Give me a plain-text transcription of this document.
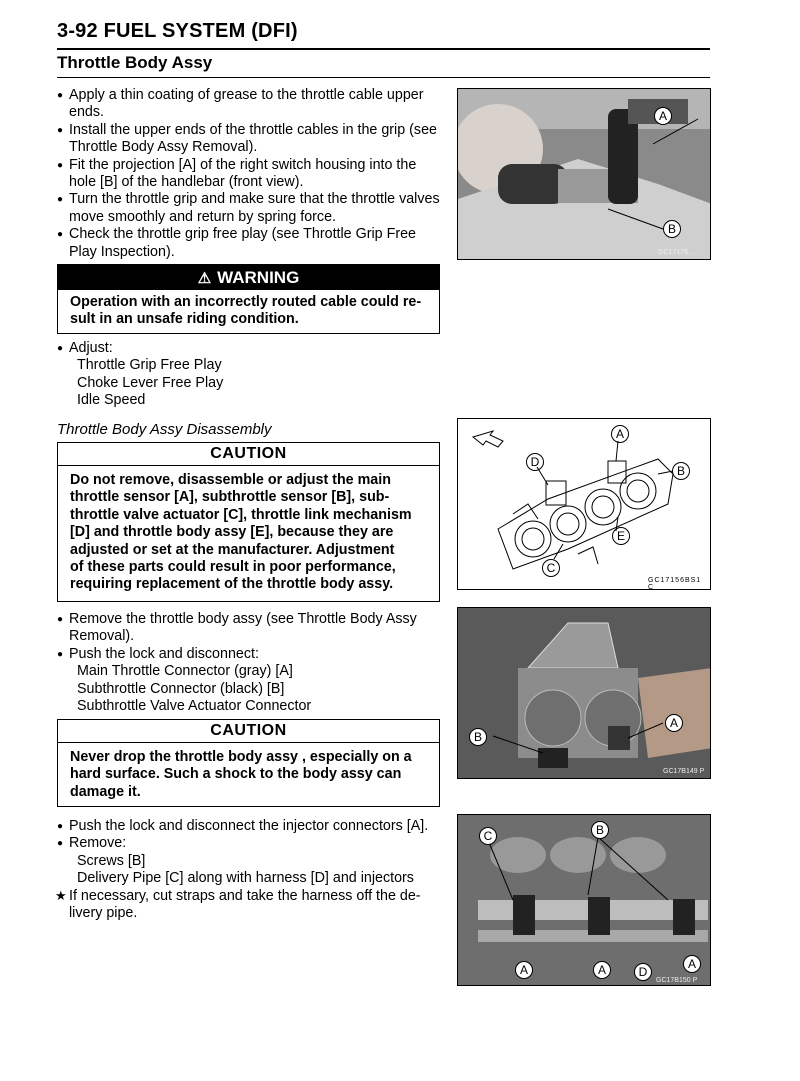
3-92 FUEL SYSTEM (DFI)
Throttle Body Assy
● Apply a thin coating of grease to the throttle cable upper
ends.
● Install the upper ends of the throttle cables in the grip (see
Throttle Body Assy Removal).
● Fit the projection [A] of the right switch housing into the
hole [B] of the handlebar (front view).
● Turn the throttle grip and make sure that the throttle valves
move smoothly and return by spring force.
● Check the throttle grip free play (see Throttle Grip Free
Play Inspection).
⚠ WARNING
Operation with an incorrectly routed cable could re-
sult in an unsafe riding condition.
● Adjust:
Throttle Grip Free Play
Choke Lever Free Play
Idle Speed
Throttle Body Assy Disassembly
CAUTION
Do not remove, disassemble or adjust the main
throttle sensor [A], subthrottle sensor [B], sub-
throttle valve actuator [C], throttle link mechanism
[D] and throttle body assy [E], because they are
adjusted or set at the manufacturer. Adjustment
of these parts could result in poor performance,
requiring replacement of the throttle body assy.
● Remove the throttle body assy (see Throttle Body Assy
Removal).
● Push the lock and disconnect:
Main Throttle Connector (gray) [A]
Subthrottle Connector (black) [B]
Subthrottle Valve Actuator Connector
CAUTION
Never drop the throttle body assy , especially on a
hard surface. Such a shock to the body assy can
damage it.
● Push the lock and disconnect the injector connectors [A].
● Remove:
Screws [B]
Delivery Pipe [C] along with harness [D] and injectors
★ If necessary, cut straps and take the harness off the de-
livery pipe.
A
B
GC17176...
A
B
C
D
E
GC17156BS1 C
B
A
GC17B149 P
C	B
A	A	D
A
GC17B150 P
